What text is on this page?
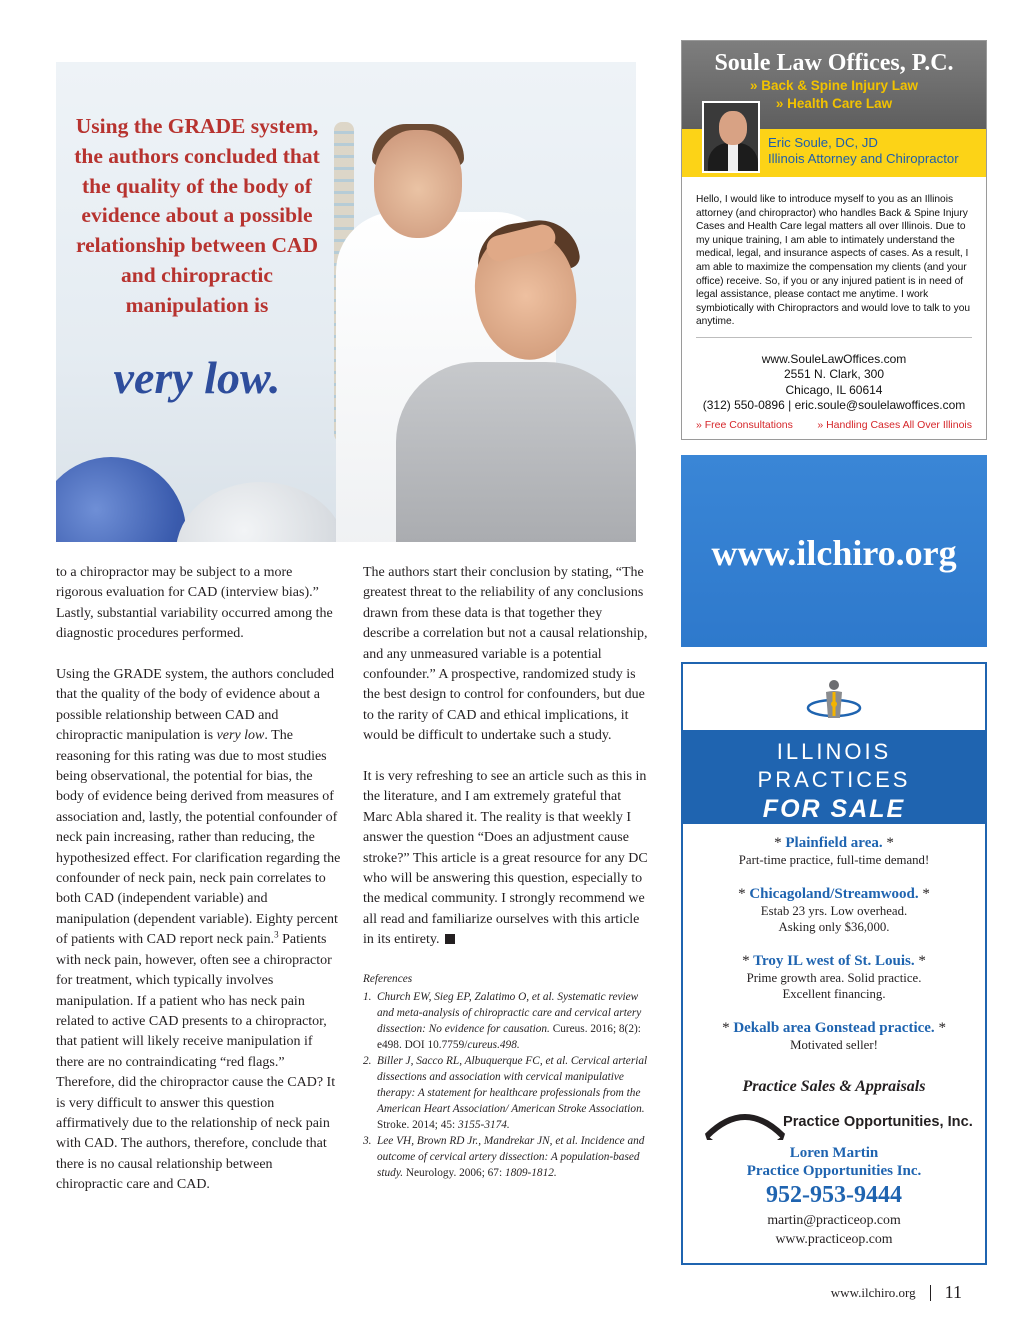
Using the GRADE system, the authors concluded that the quality of the body of evidence about a possible relationship between CAD and chiropractic manipulation is
very low.

to a chiropractor may be subject to a more rigorous evaluation for CAD (interview bias).” Lastly, substantial variability occurred among the diagnostic procedures performed.

Using the GRADE system, the authors concluded that the quality of the body of evidence about a possible relationship between CAD and chiropractic manipulation is very low. The reasoning for this rating was due to most studies being observational, the potential for bias, the body of evidence being derived from measures of association and, lastly, the potential confounder of neck pain increasing, rather than reducing, the hypothesized effect. For clarification regarding the confounder of neck pain, neck pain correlates to both CAD (independent variable) and manipulation (dependent variable). Eighty percent of patients with CAD report neck pain.$^3$ Patients with neck pain, however, often see a chiropractor for treatment, which typically involves manipulation. If a patient who has neck pain related to active CAD presents to a chiropractor, that patient will likely receive manipulation if there are no contraindicating “red flags.” Therefore, did the chiropractor cause the CAD? It is very difficult to answer this question affirmatively due to the relationship of neck pain with CAD. The authors, therefore, conclude that there is no causal relationship between chiropractic care and CAD.

The authors start their conclusion by stating, “The greatest threat to the reliability of any conclusions drawn from these data is that together they describe a correlation but not a causal relationship, and any unmeasured variable is a potential confounder.” A prospective, randomized study is the best design to control for confounders, but due to the rarity of CAD and ethical implications, it would be difficult to undertake such a study.

It is very refreshing to see an article such as this in the literature, and I am extremely grateful that Marc Abla shared it. The reality is that weekly I answer the question “Does an adjustment cause stroke?” This article is a great resource for any DC who will be answering this question, especially to the medical community. I strongly recommend we all read and familiarize ourselves with this article in its entirety.

References
1. Church EW, Sieg EP, Zalatimo O, et al. Systematic review and meta-analysis of chiropractic care and cervical artery dissection: No evidence for causation. Cureus. 2016; 8(2): e498. DOI 10.7759/cureus.498.
2. Biller J, Sacco RL, Albuquerque FC, et al. Cervical arterial dissections and association with cervical manipulative therapy: A statement for healthcare professionals from the American Heart Association/ American Stroke Association. Stroke. 2014; 45: 3155-3174.
3. Lee VH, Brown RD Jr., Mandrekar JN, et al. Incidence and outcome of cervical artery dissection: A population-based study. Neurology. 2006; 67: 1809-1812.
Soule Law Offices, P.C.
» Back & Spine Injury Law
» Health Care Law
Eric Soule, DC, JD
Illinois Attorney and Chiropractor
Hello, I would like to introduce myself to you as an Illinois attorney (and chiropractor) who handles Back & Spine Injury Cases and Health Care legal matters all over Illinois. Due to my unique training, I am able to intimately understand the medical, legal, and insurance aspects of cases. As a result, I am able to maximize the compensation my clients (and your office) receive. So, if you or any injured patient is in need of legal assistance, please contact me anytime. I work symbiotically with Chiropractors and would love to talk to you anytime.
www.SouleLawOffices.com
2551 N. Clark, 300
Chicago, IL 60614
(312) 550-0896 | eric.soule@soulelawoffices.com
» Free Consultations » Handling Cases All Over Illinois
www.ilchiro.org
ILLINOIS
PRACTICES
FOR SALE
* Plainfield area. *
Part-time practice, full-time demand!
* Chicagoland/Streamwood. *
Estab 23 yrs. Low overhead.
Asking only $36,000.
* Troy IL west of St. Louis. *
Prime growth area. Solid practice.
Excellent financing.
* Dekalb area Gonstead practice. *
Motivated seller!
Practice Sales & Appraisals
Practice Opportunities, Inc.
Loren Martin
Practice Opportunities Inc.
952-953-9444
martin@practiceop.com
www.practiceop.com
www.ilchiro.org 11
